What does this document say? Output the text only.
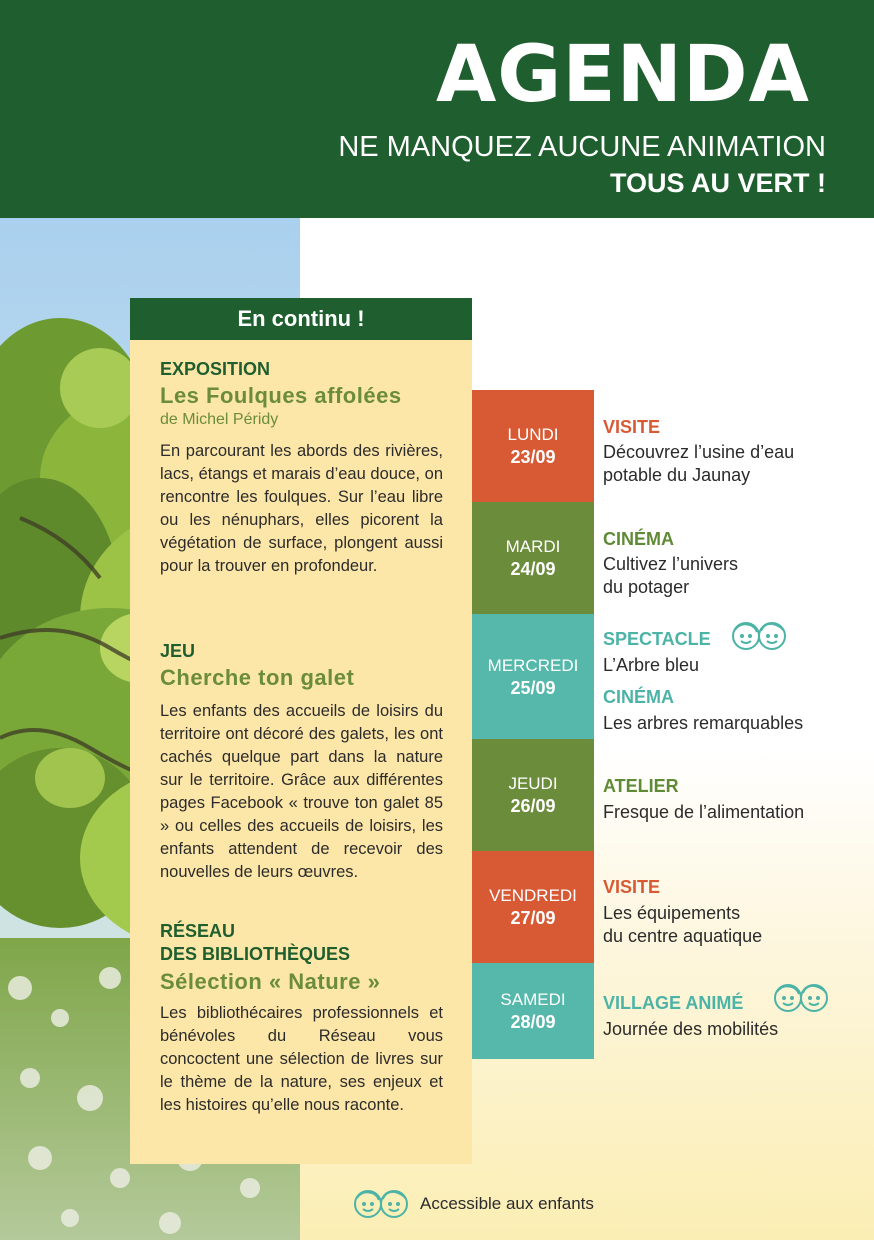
AGENDA
NE MANQUEZ AUCUNE ANIMATION
TOUS AU VERT !
En continu !
EXPOSITION
Les Foulques affolées
de Michel Péridy
En parcourant les abords des rivières, lacs, étangs et marais d’eau douce, on rencontre les foulques. Sur l’eau libre ou les nénuphars, elles picorent la végétation de surface, plongent aussi pour la trouver en profondeur.
JEU
Cherche ton galet
Les enfants des accueils de loisirs du territoire ont décoré des galets, les ont cachés quelque part dans la nature sur le territoire. Grâce aux différentes pages Facebook « trouve ton galet 85 » ou celles des accueils de loisirs, les enfants attendent de recevoir des nouvelles de leurs œuvres.
RÉSEAU
DES BIBLIOTHÈQUES
Sélection « Nature »
Les bibliothécaires professionnels et bénévoles du Réseau vous concoctent une sélection de livres sur le thème de la nature, ses enjeux et les histoires qu’elle nous raconte.
LUNDI
23/09
MARDI
24/09
MERCREDI
25/09
JEUDI
26/09
VENDREDI
27/09
SAMEDI
28/09
VISITE
Découvrez l’usine d’eau
potable du Jaunay
CINÉMA
Cultivez l’univers
du potager
SPECTACLE
L’Arbre bleu
CINÉMA
Les arbres remarquables
ATELIER
Fresque de l’alimentation
VISITE
Les équipements
du centre aquatique
VILLAGE ANIMÉ
Journée des mobilités
Accessible aux enfants
